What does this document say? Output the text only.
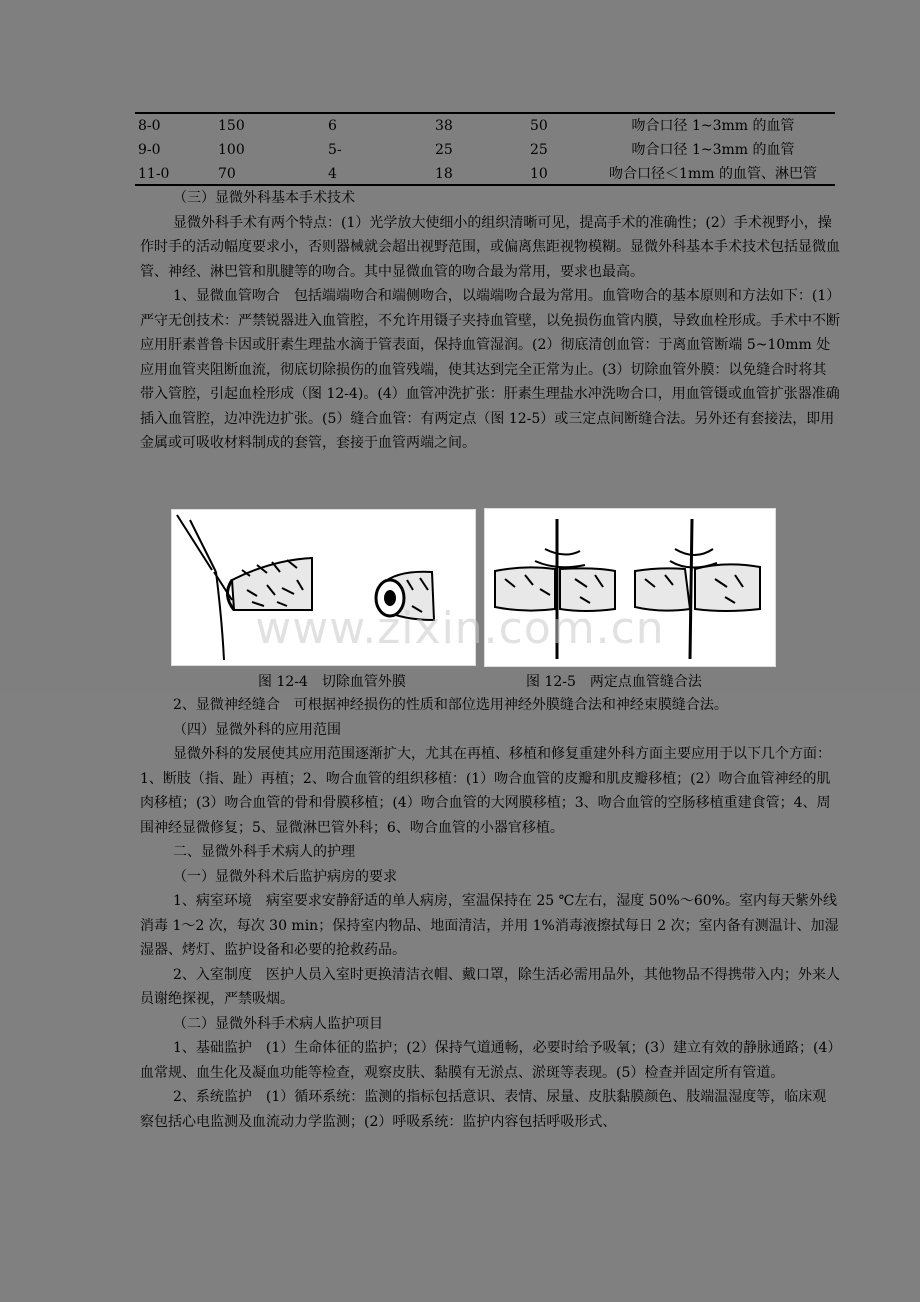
8-0	150	6	38	50	吻合口径 1~3mm 的血管
9-0	100	5-	25	25	吻合口径 1~3mm 的血管
11-0	70	4	18	10	吻合口径＜1mm 的血管、淋巴管

（三）显微外科基本手术技术

显微外科手术有两个特点：(1）光学放大使细小的组织清晰可见，提高手术的准确性；(2）手术视野小，操作时手的活动幅度要求小，否则器械就会超出视野范围，或偏离焦距视物模糊。显微外科基本手术技术包括显微血管、神经、淋巴管和肌腱等的吻合。其中显微血管的吻合最为常用，要求也最高。

1、显微血管吻合　包括端端吻合和端侧吻合，以端端吻合最为常用。血管吻合的基本原则和方法如下：(1）严守无创技术：严禁锐器进入血管腔，不允许用镊子夹持血管壁，以免损伤血管内膜，导致血栓形成。手术中不断应用肝素普鲁卡因或肝素生理盐水滴于管表面，保持血管湿润。(2）彻底清创血管：于离血管断端 5~10mm 处应用血管夹阻断血流，彻底切除损伤的血管残端，使其达到完全正常为止。(3）切除血管外膜：以免缝合时将其带入管腔，引起血栓形成（图 12-4)。(4）血管冲洗扩张：肝素生理盐水冲洗吻合口，用血管镊或血管扩张器准确插入血管腔，边冲洗边扩张。(5）缝合血管：有两定点（图 12-5）或三定点间断缝合法。另外还有套接法，即用金属或可吸收材料制成的套管，套接于血管两端之间。

www.zixin.com.cn
图 12-4　切除血管外膜	图 12-5　两定点血管缝合法

2、显微神经缝合　可根据神经损伤的性质和部位选用神经外膜缝合法和神经束膜缝合法。

（四）显微外科的应用范围

显微外科的发展使其应用范围逐渐扩大，尤其在再植、移植和修复重建外科方面主要应用于以下几个方面：1、断肢（指、趾）再植；2、吻合血管的组织移植：(1）吻合血管的皮瓣和肌皮瓣移植；(2）吻合血管神经的肌肉移植；(3）吻合血管的骨和骨膜移植；(4）吻合血管的大网膜移植；3、吻合血管的空肠移植重建食管；4、周围神经显微修复；5、显微淋巴管外科；6、吻合血管的小器官移植。

二、显微外科手术病人的护理

（一）显微外科术后监护病房的要求

1、病室环境　病室要求安静舒适的单人病房，室温保持在 25 ℃左右，湿度 50%～60%。室内每天紫外线消毒 1～2 次，每次 30 min；保持室内物品、地面清洁，并用 1%消毒液擦拭每日 2 次；室内备有测温计、加湿湿器、烤灯、监护设备和必要的抢救药品。

2、入室制度　医护人员入室时更换清洁衣帽、戴口罩，除生活必需用品外，其他物品不得携带入内；外来人员谢绝探视，严禁吸烟。

（二）显微外科手术病人监护项目

1、基础监护　(1）生命体征的监护；(2）保持气道通畅，必要时给予吸氧；(3）建立有效的静脉通路；(4）血常规、血生化及凝血功能等检查，观察皮肤、黏膜有无淤点、淤斑等表现。(5）检查并固定所有管道。

2、系统监护　(1）循环系统：监测的指标包括意识、表情、尿量、皮肤黏膜颜色、肢端温湿度等，临床观察包括心电监测及血流动力学监测；(2）呼吸系统：监护内容包括呼吸形式、
